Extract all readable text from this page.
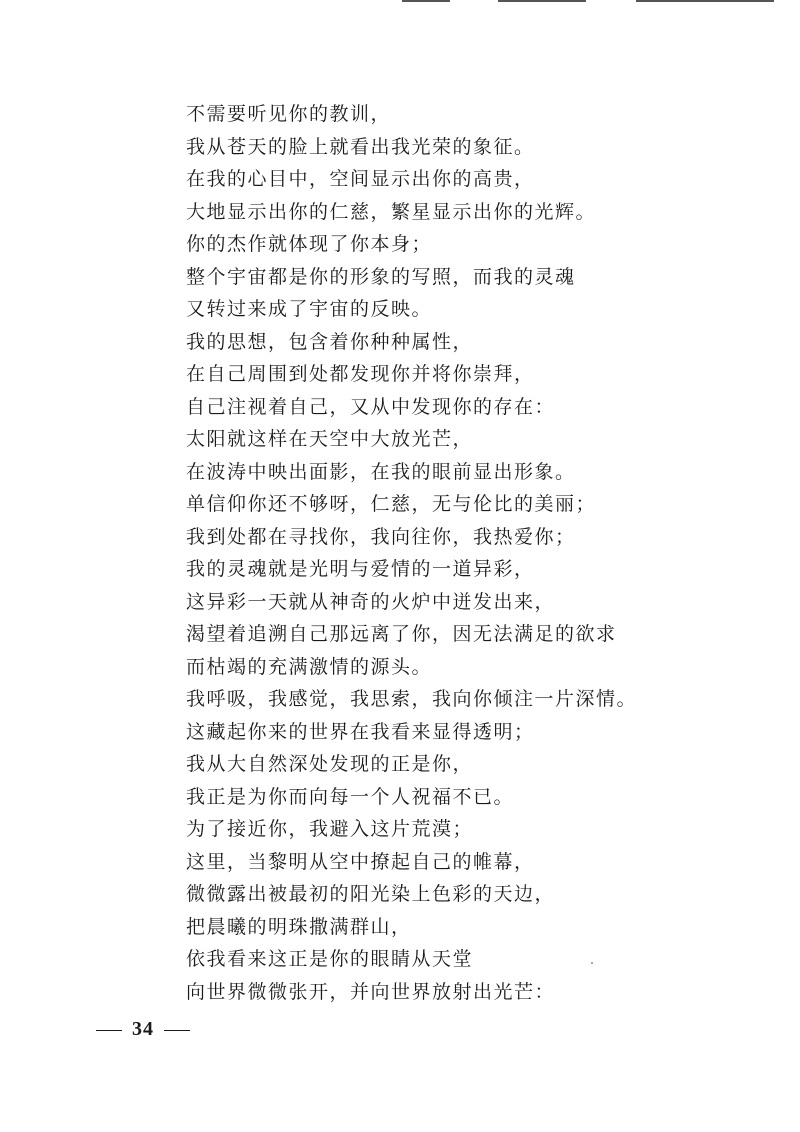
不需要听见你的教训，
我从苍天的脸上就看出我光荣的象征。
在我的心目中，空间显示出你的高贵，
大地显示出你的仁慈，繁星显示出你的光辉。
你的杰作就体现了你本身；
整个宇宙都是你的形象的写照，而我的灵魂
又转过来成了宇宙的反映。
我的思想，包含着你种种属性，
在自己周围到处都发现你并将你崇拜，
自己注视着自己，又从中发现你的存在：
太阳就这样在天空中大放光芒，
在波涛中映出面影，在我的眼前显出形象。
单信仰你还不够呀，仁慈，无与伦比的美丽；
我到处都在寻找你，我向往你，我热爱你；
我的灵魂就是光明与爱情的一道异彩，
这异彩一天就从神奇的火炉中迸发出来，
渴望着追溯自己那远离了你，因无法满足的欲求
而枯竭的充满激情的源头。
我呼吸，我感觉，我思索，我向你倾注一片深情。
这藏起你来的世界在我看来显得透明；
我从大自然深处发现的正是你，
我正是为你而向每一个人祝福不已。
为了接近你，我避入这片荒漠；
这里，当黎明从空中撩起自己的帷幕，
微微露出被最初的阳光染上色彩的天边，
把晨曦的明珠撒满群山，
依我看来这正是你的眼睛从天堂
向世界微微张开，并向世界放射出光芒：
34
